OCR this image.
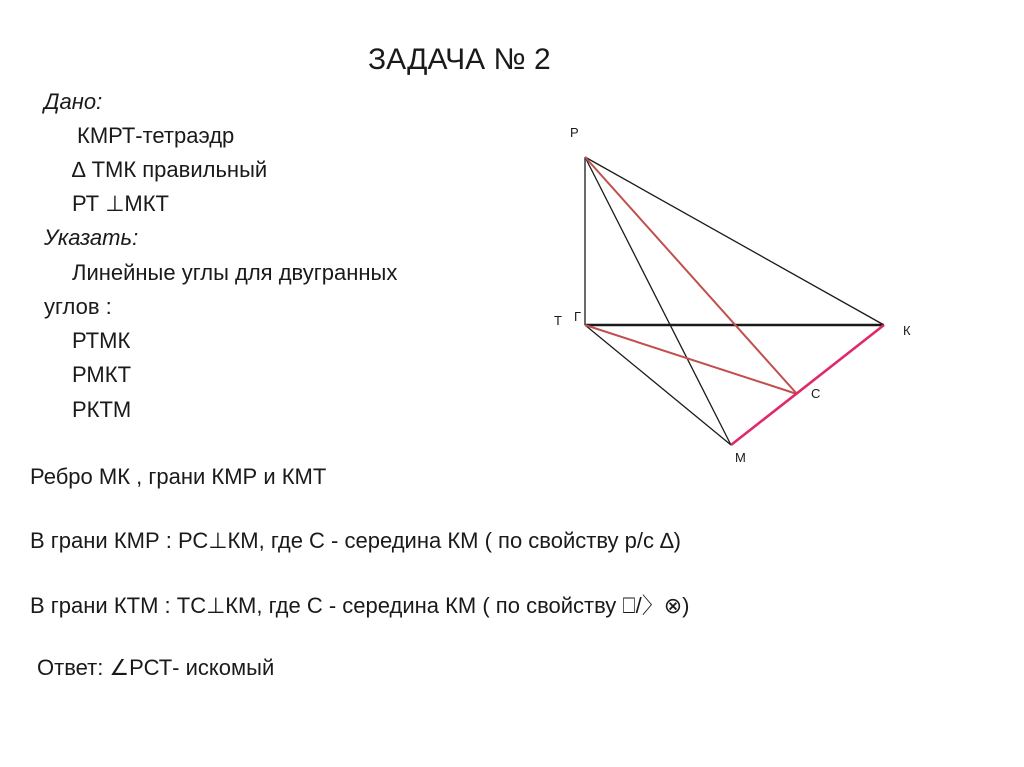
ЗАДАЧА № 2
Дано:
КМРТ-тетраэдр
∆ ТМК правильный
РТ ⊥МКТ
Указать:
Линейные углы для двугранных
углов :
РТМК
РМКТ
РКТМ
Ребро МК , грани КМР и КМТ
В грани КМР : РС⊥КМ, где С - середина КМ ( по свойству р/с ∆)
В грани КТМ : ТС⊥КМ, где С - середина КМ ( по свойству ⎕/〉⊗)
Ответ: ∠РСТ- искомый
Р
Т Г
К
С
М
